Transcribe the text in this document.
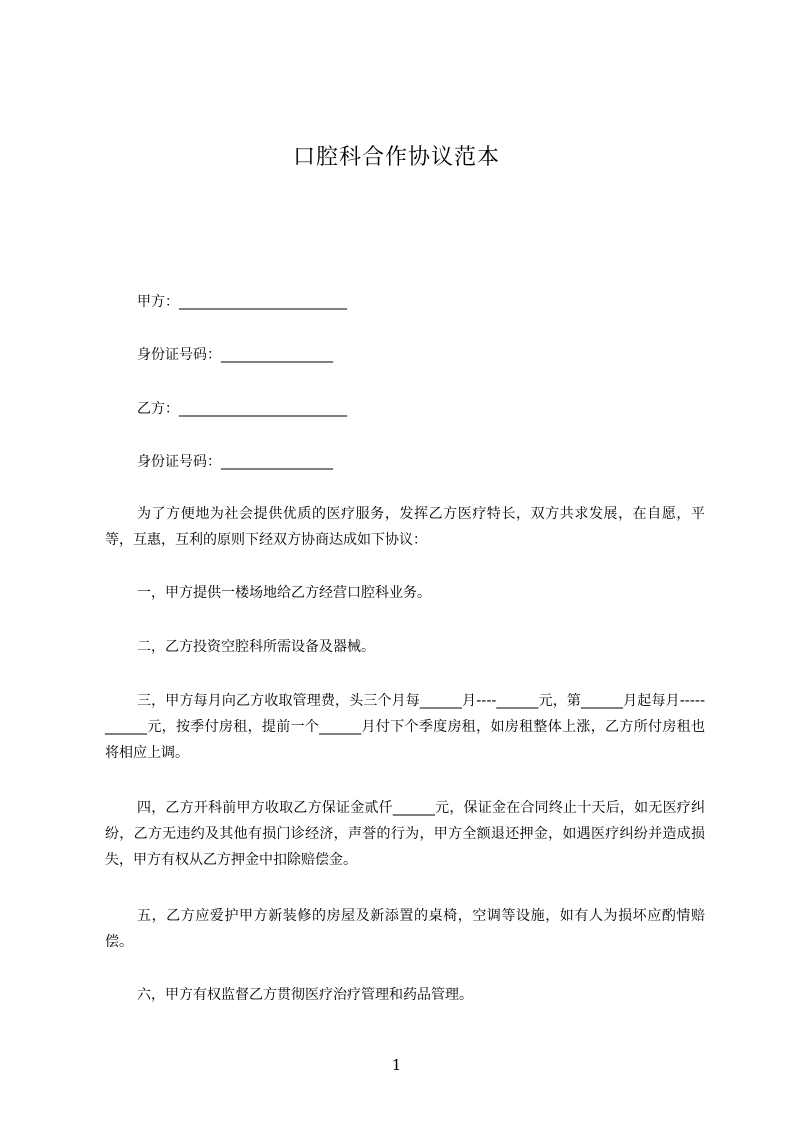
口腔科合作协议范本
甲方：________________________
身份证号码：________________
乙方：________________________
身份证号码：________________
为了方便地为社会提供优质的医疗服务，发挥乙方医疗特长，双方共求发展，在自愿，平等，互惠，互利的原则下经双方协商达成如下协议：
一，甲方提供一楼场地给乙方经营口腔科业务。
二，乙方投资空腔科所需设备及器械。
三，甲方每月向乙方收取管理费，头三个月每______月----______元，第______月起每月-----______元，按季付房租，提前一个______月付下个季度房租，如房租整体上涨，乙方所付房租也将相应上调。
四，乙方开科前甲方收取乙方保证金贰仟______元，保证金在合同终止十天后，如无医疗纠纷，乙方无违约及其他有损门诊经济，声誉的行为，甲方全额退还押金，如遇医疗纠纷并造成损失，甲方有权从乙方押金中扣除赔偿金。
五，乙方应爱护甲方新装修的房屋及新添置的桌椅，空调等设施，如有人为损坏应酌情赔偿。
六，甲方有权监督乙方贯彻医疗治疗管理和药品管理。
1
